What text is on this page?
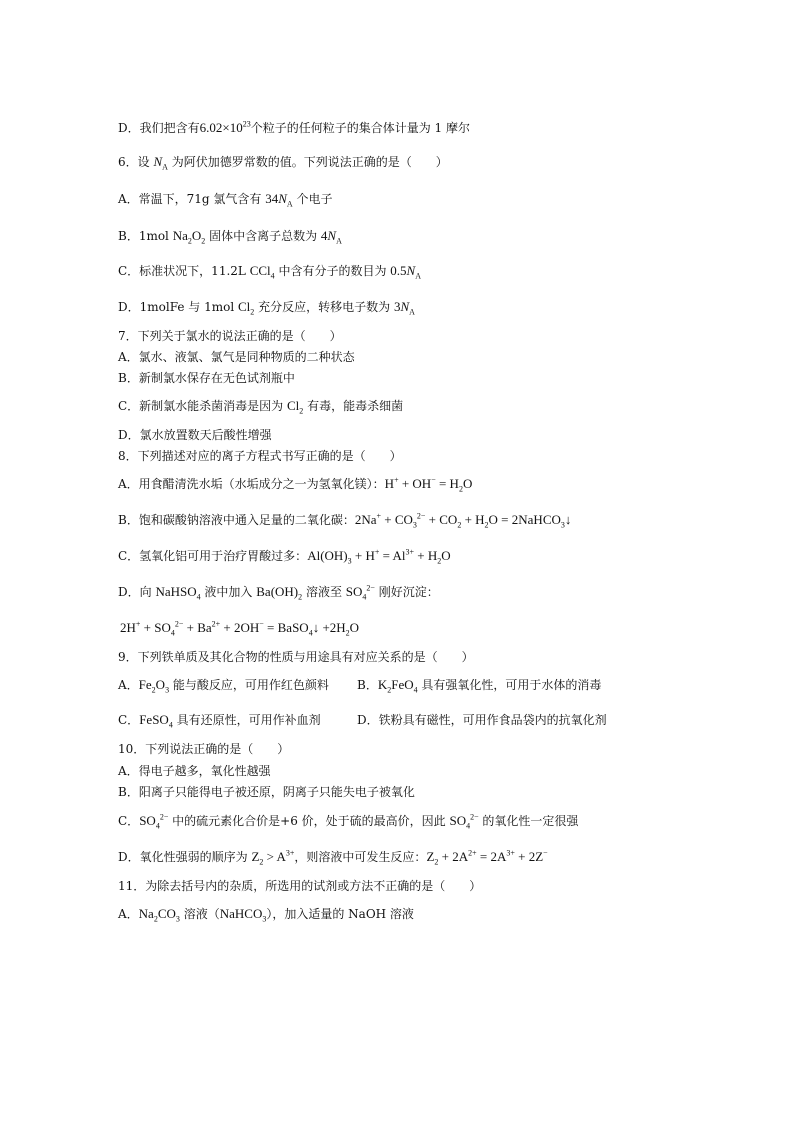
D．我们把含有$6.02\times 10^{23}$个粒子的任何粒子的集合体计量为 1 摩尔
6．设 $N_A$ 为阿伏加德罗常数的值。下列说法正确的是（　　）
A．常温下，71g 氯气含有 $34N_A$ 个电子
B．1mol $Na_2O_2$ 固体中含离子总数为 $4N_A$
C．标准状况下，11.2L CCl$_4$ 中含有分子的数目为 $0.5N_A$
D．1molFe 与 1mol $Cl_2$ 充分反应，转移电子数为 $3N_A$
7．下列关于氯水的说法正确的是（　　）
A．氯水、液氯、氯气是同种物质的二种状态
B．新制氯水保存在无色试剂瓶中
C．新制氯水能杀菌消毒是因为 $Cl_2$ 有毒，能毒杀细菌
D．氯水放置数天后酸性增强
8．下列描述对应的离子方程式书写正确的是（　　）
A．用食醋清洗水垢（水垢成分之一为氢氧化镁）：$H^+ + OH^- = H_2O$
B．饱和碳酸钠溶液中通入足量的二氧化碳：$2Na^+ + CO_3^{2-} + CO_2 + H_2O$ = 2NaHCO$_3$↓
C．氢氧化铝可用于治疗胃酸过多：$Al(OH)_3 + H^+ = Al^{3+} + H_2O$
D．向 NaHSO$_4$ 液中加入 $Ba(OH)_2$ 溶液至 $SO_4^{2-}$ 刚好沉淀：
$2H^+ + SO_4^{2-} + Ba^{2+} + 2OH^-$ = BaSO$_4$↓ $+2H_2O$
9．下列铁单质及其化合物的性质与用途具有对应关系的是（　　）
A．$Fe_2O_3$ 能与酸反应，可用作红色颜料 B．$K_2FeO_4$ 具有强氧化性，可用于水体的消毒
C．FeSO$_4$ 具有还原性，可用作补血剂	D．铁粉具有磁性，可用作食品袋内的抗氧化剂
10．下列说法正确的是（　　）
A．得电子越多，氧化性越强
B．阳离子只能得电子被还原，阴离子只能失电子被氧化
C．$SO_4^{2-}$ 中的硫元素化合价是+6 价，处于硫的最高价，因此 $SO_4^{2-}$ 的氧化性一定很强
D．氧化性强弱的顺序为 $Z_2 > A^{3+}$，则溶液中可发生反应：$Z_2 + 2A^{2+} = 2A^{3+} + 2Z^-$
11．为除去括号内的杂质，所选用的试剂或方法不正确的是（　　）
A．$Na_2CO_3$ 溶液（NaHCO$_3$），加入适量的 NaOH 溶液
